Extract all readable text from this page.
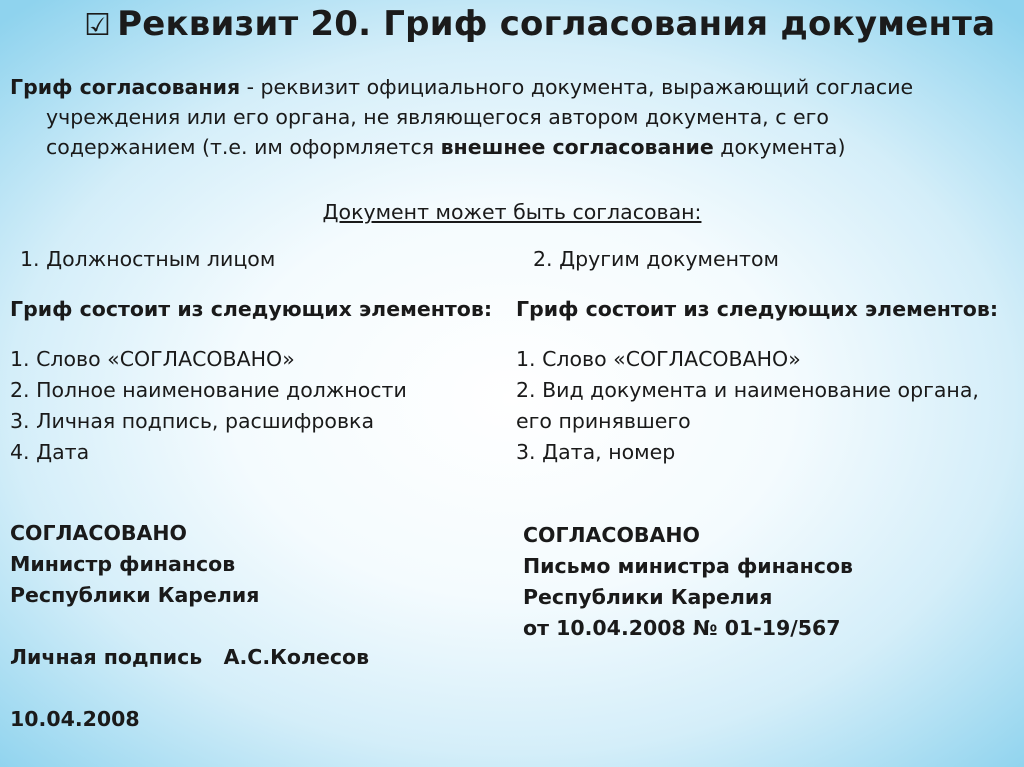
☑ Реквизит 20. Гриф согласования документа
Гриф согласования - реквизит официального документа, выражающий согласие
учреждения или его органа, не являющегося автором документа, с его
содержанием (т.е. им оформляется внешнее согласование документа)
Документ может быть согласован:
1. Должностным лицом	2. Другим документом
Гриф состоит из следующих элементов: Гриф состоит из следующих элементов:
1. Слово «СОГЛАСОВАНО»
2. Полное наименование должности
3. Личная подпись, расшифровка
4. Дата
1. Слово «СОГЛАСОВАНО»
2. Вид документа и наименование органа,
его принявшего
3. Дата, номер
СОГЛАСОВАНО
Министр финансов
Республики Карелия
Личная подпись   А.С.Колесов
10.04.2008
СОГЛАСОВАНО
Письмо министра финансов
Республики Карелия
от 10.04.2008 № 01-19/567
